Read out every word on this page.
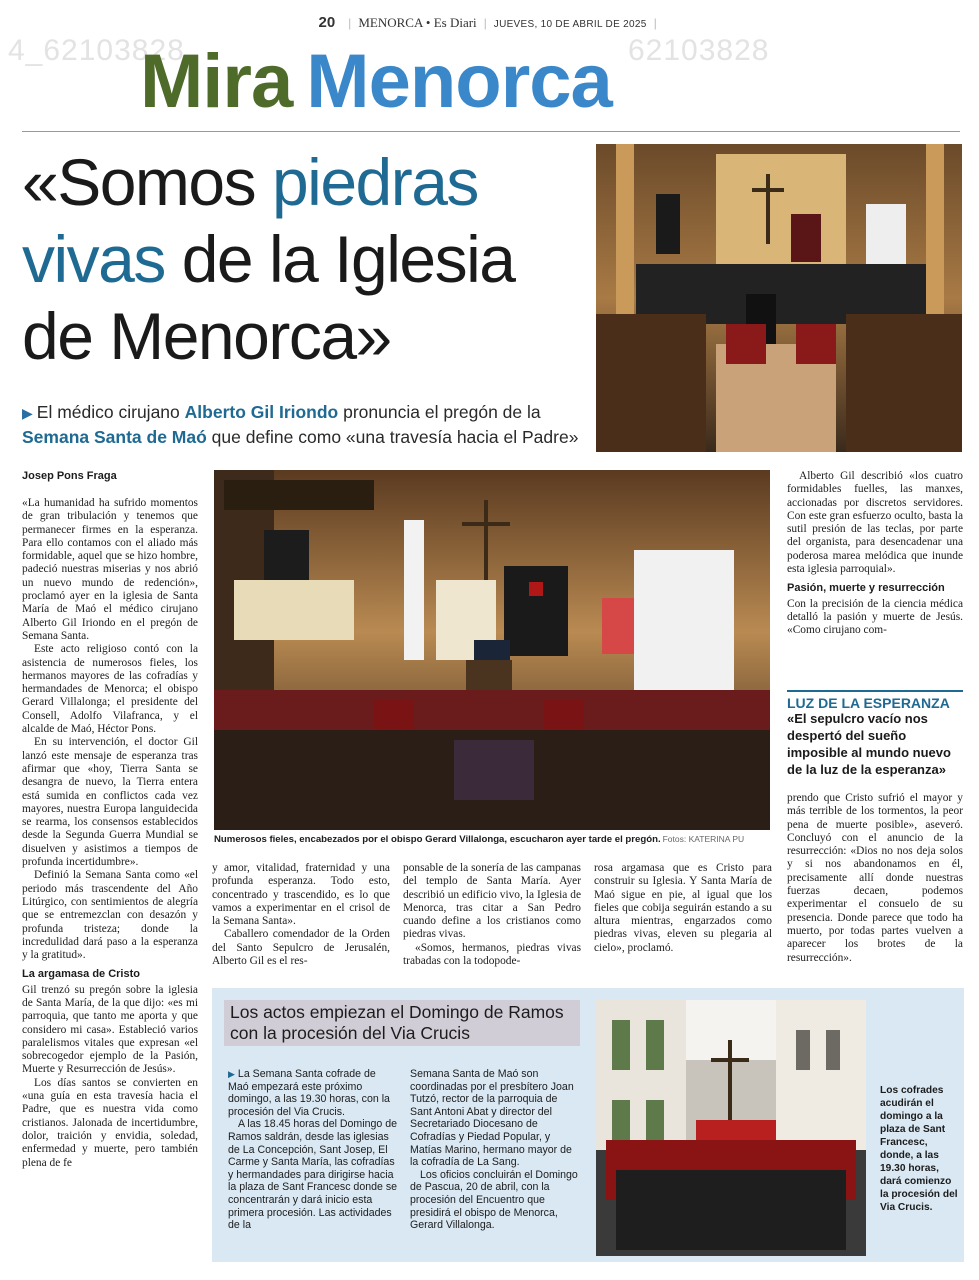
20 | MENORCA • Es Diari | JUEVES, 10 DE ABRIL DE 2025 |
4_62103828	62103828
Mira Menorca
«Somos piedras vivas de la Iglesia de Menorca»
▶ El médico cirujano Alberto Gil Iriondo pronuncia el pregón de la Semana Santa de Maó que define como «una travesía hacia el Padre»
Josep Pons Fraga

«La humanidad ha sufrido momentos de gran tribulación y tenemos que permanecer firmes en la esperanza. Para ello contamos con el aliado más formidable, aquel que se hizo hombre, padeció nuestras miserias y nos abrió un nuevo mundo de redención», proclamó ayer en la iglesia de Santa María de Maó el médico cirujano Alberto Gil Iriondo en el pregón de Semana Santa.

Este acto religioso contó con la asistencia de numerosos fieles, los hermanos mayores de las cofradías y hermandades de Menorca; el obispo Gerard Villalonga; el presidente del Consell, Adolfo Vilafranca, y el alcalde de Maó, Héctor Pons.

En su intervención, el doctor Gil lanzó este mensaje de esperanza tras afirmar que «hoy, Tierra Santa se desangra de nuevo, la Tierra entera está sumida en conflictos cada vez mayores, nuestra Europa languidecida se rearma, los consensos establecidos desde la Segunda Guerra Mundial se disuelven y asistimos a tiempos de profunda incertidumbre».

Definió la Semana Santa como «el periodo más trascendente del Año Litúrgico, con sentimientos de alegría que se entremezclan con desazón y profunda tristeza; donde la incredulidad dará paso a la esperanza y la gratitud».

La argamasa de Cristo

Gil trenzó su pregón sobre la iglesia de Santa María, de la que dijo: «es mi parroquia, que tanto me aporta y que considero mi casa». Estableció varios paralelismos vitales que expresan «el sobrecogedor ejemplo de la Pasión, Muerte y Resurrección de Jesús».

Los días santos se convierten en «una guía en esta travesía hacia el Padre, que es nuestra vida como cristianos. Jalonada de incertidumbre, dolor, traición y envidia, soledad, enfermedad y muerte, pero también plena de fe

Numerosos fieles, encabezados por el obispo Gerard Villalonga, escucharon ayer tarde el pregón. Fotos: KATERINA PU

y amor, vitalidad, fraternidad y una profunda esperanza. Todo esto, concentrado y trascendido, es lo que vamos a experimentar en el crisol de la Semana Santa».

Caballero comendador de la Orden del Santo Sepulcro de Jerusalén, Alberto Gil es el res-

ponsable de la sonería de las campanas del templo de Santa María. Ayer describió un edificio vivo, la Iglesia de Menorca, tras citar a San Pedro cuando define a los cristianos como piedras vivas.

«Somos, hermanos, piedras vivas trabadas con la todopode-

rosa argamasa que es Cristo para construir su Iglesia. Y Santa María de Maó sigue en pie, al igual que los fieles que cobija seguirán estando a su altura mientras, engarzados como piedras vivas, eleven su plegaria al cielo», proclamó.

Alberto Gil describió «los cuatro formidables fuelles, las manxes, accionadas por discretos servidores. Con este gran esfuerzo oculto, basta la sutil presión de las teclas, por parte del organista, para desencadenar una poderosa marea melódica que inunde esta iglesia parroquial».

Pasión, muerte y resurrección

Con la precisión de la ciencia médica detalló la pasión y muerte de Jesús. «Como cirujano com-

LUZ DE LA ESPERANZA
«El sepulcro vacío nos despertó del sueño imposible al mundo nuevo de la luz de la esperanza»

prendo que Cristo sufrió el mayor y más terrible de los tormentos, la peor pena de muerte posible», aseveró. Concluyó con el anuncio de la resurrección: «Dios no nos deja solos y si nos abandonamos en él, precisamente allí donde nuestras fuerzas decaen, podemos experimentar el consuelo de su presencia. Donde parece que todo ha muerto, por todas partes vuelven a aparecer los brotes de la resurrección».

Los actos empiezan el Domingo de Ramos con la procesión del Via Crucis

▶ La Semana Santa cofrade de Maó empezará este próximo domingo, a las 19.30 horas, con la procesión del Via Crucis.

A las 18.45 horas del Domingo de Ramos saldrán, desde las iglesias de La Concepción, Sant Josep, El Carme y Santa María, las cofradías y hermandades para dirigirse hacia la plaza de Sant Francesc donde se concentrarán y dará inicio esta primera procesión. Las actividades de la

Semana Santa de Maó son coordinadas por el presbítero Joan Tutzó, rector de la parroquia de Sant Antoni Abat y director del Secretariado Diocesano de Cofradías y Piedad Popular, y Matías Marino, hermano mayor de la cofradía de La Sang.

Los oficios concluirán el Domingo de Pascua, 20 de abril, con la procesión del Encuentro que presidirá el obispo de Menorca, Gerard Villalonga.

Los cofrades acudirán el domingo a la plaza de Sant Francesc, donde, a las 19.30 horas, dará comienzo la procesión del Via Crucis.
